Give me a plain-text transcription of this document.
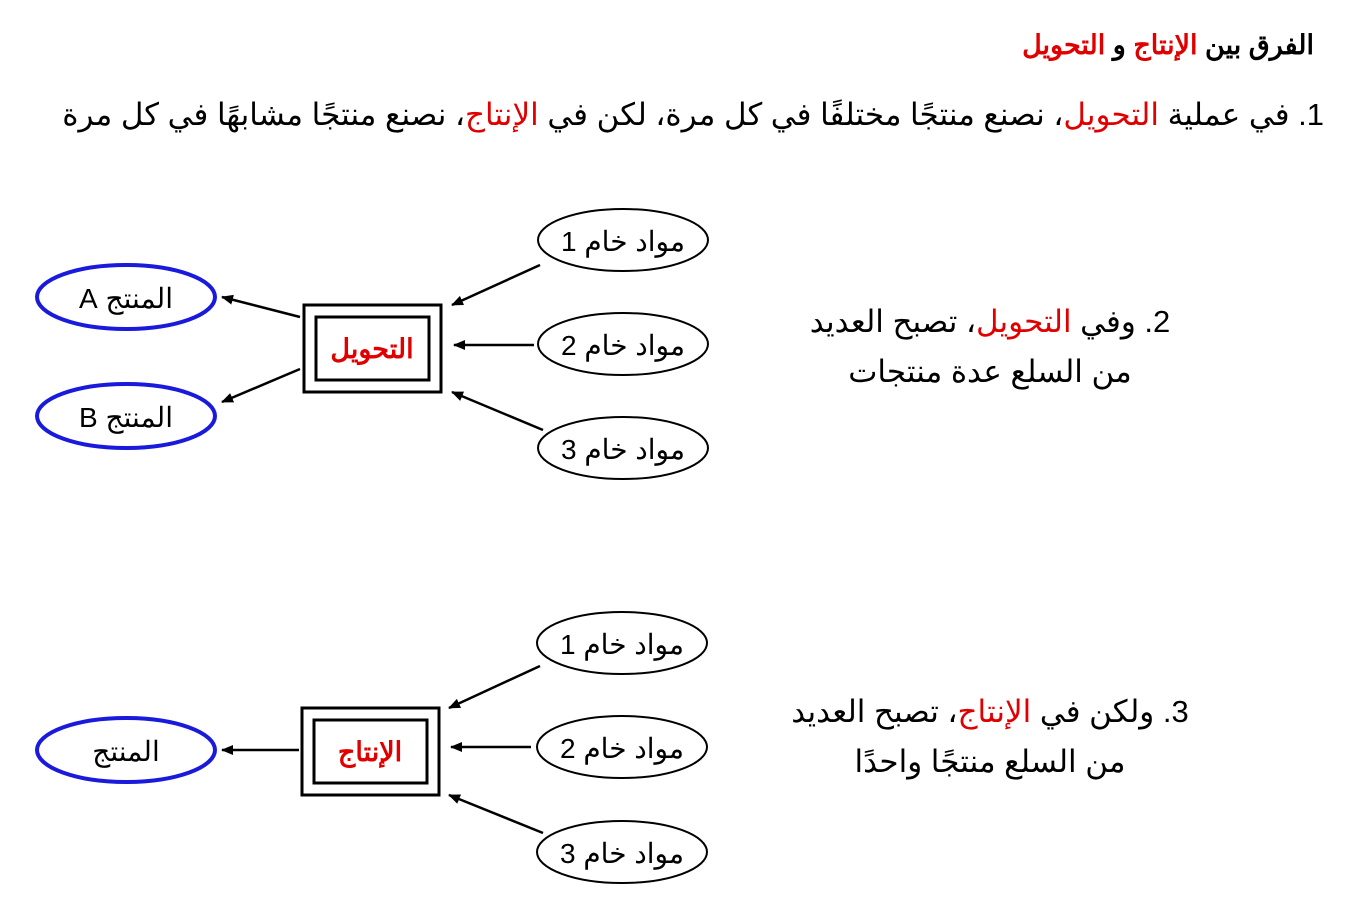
الفرق بين الإنتاج و التحويل
1. في عملية التحويل، نصنع منتجًا مختلفًا في كل مرة، لكن في الإنتاج، نصنع منتجًا مشابهًا في كل مرة
2. وفي التحويل، تصبح العديد
من السلع عدة منتجات
3. ولكن في الإنتاج، تصبح العديد
من السلع منتجًا واحدًا
مواد خام 1
مواد خام 2
مواد خام 3
التحويل
المنتج A
المنتج B
مواد خام 1
مواد خام 2
مواد خام 3
الإنتاج
المنتج
